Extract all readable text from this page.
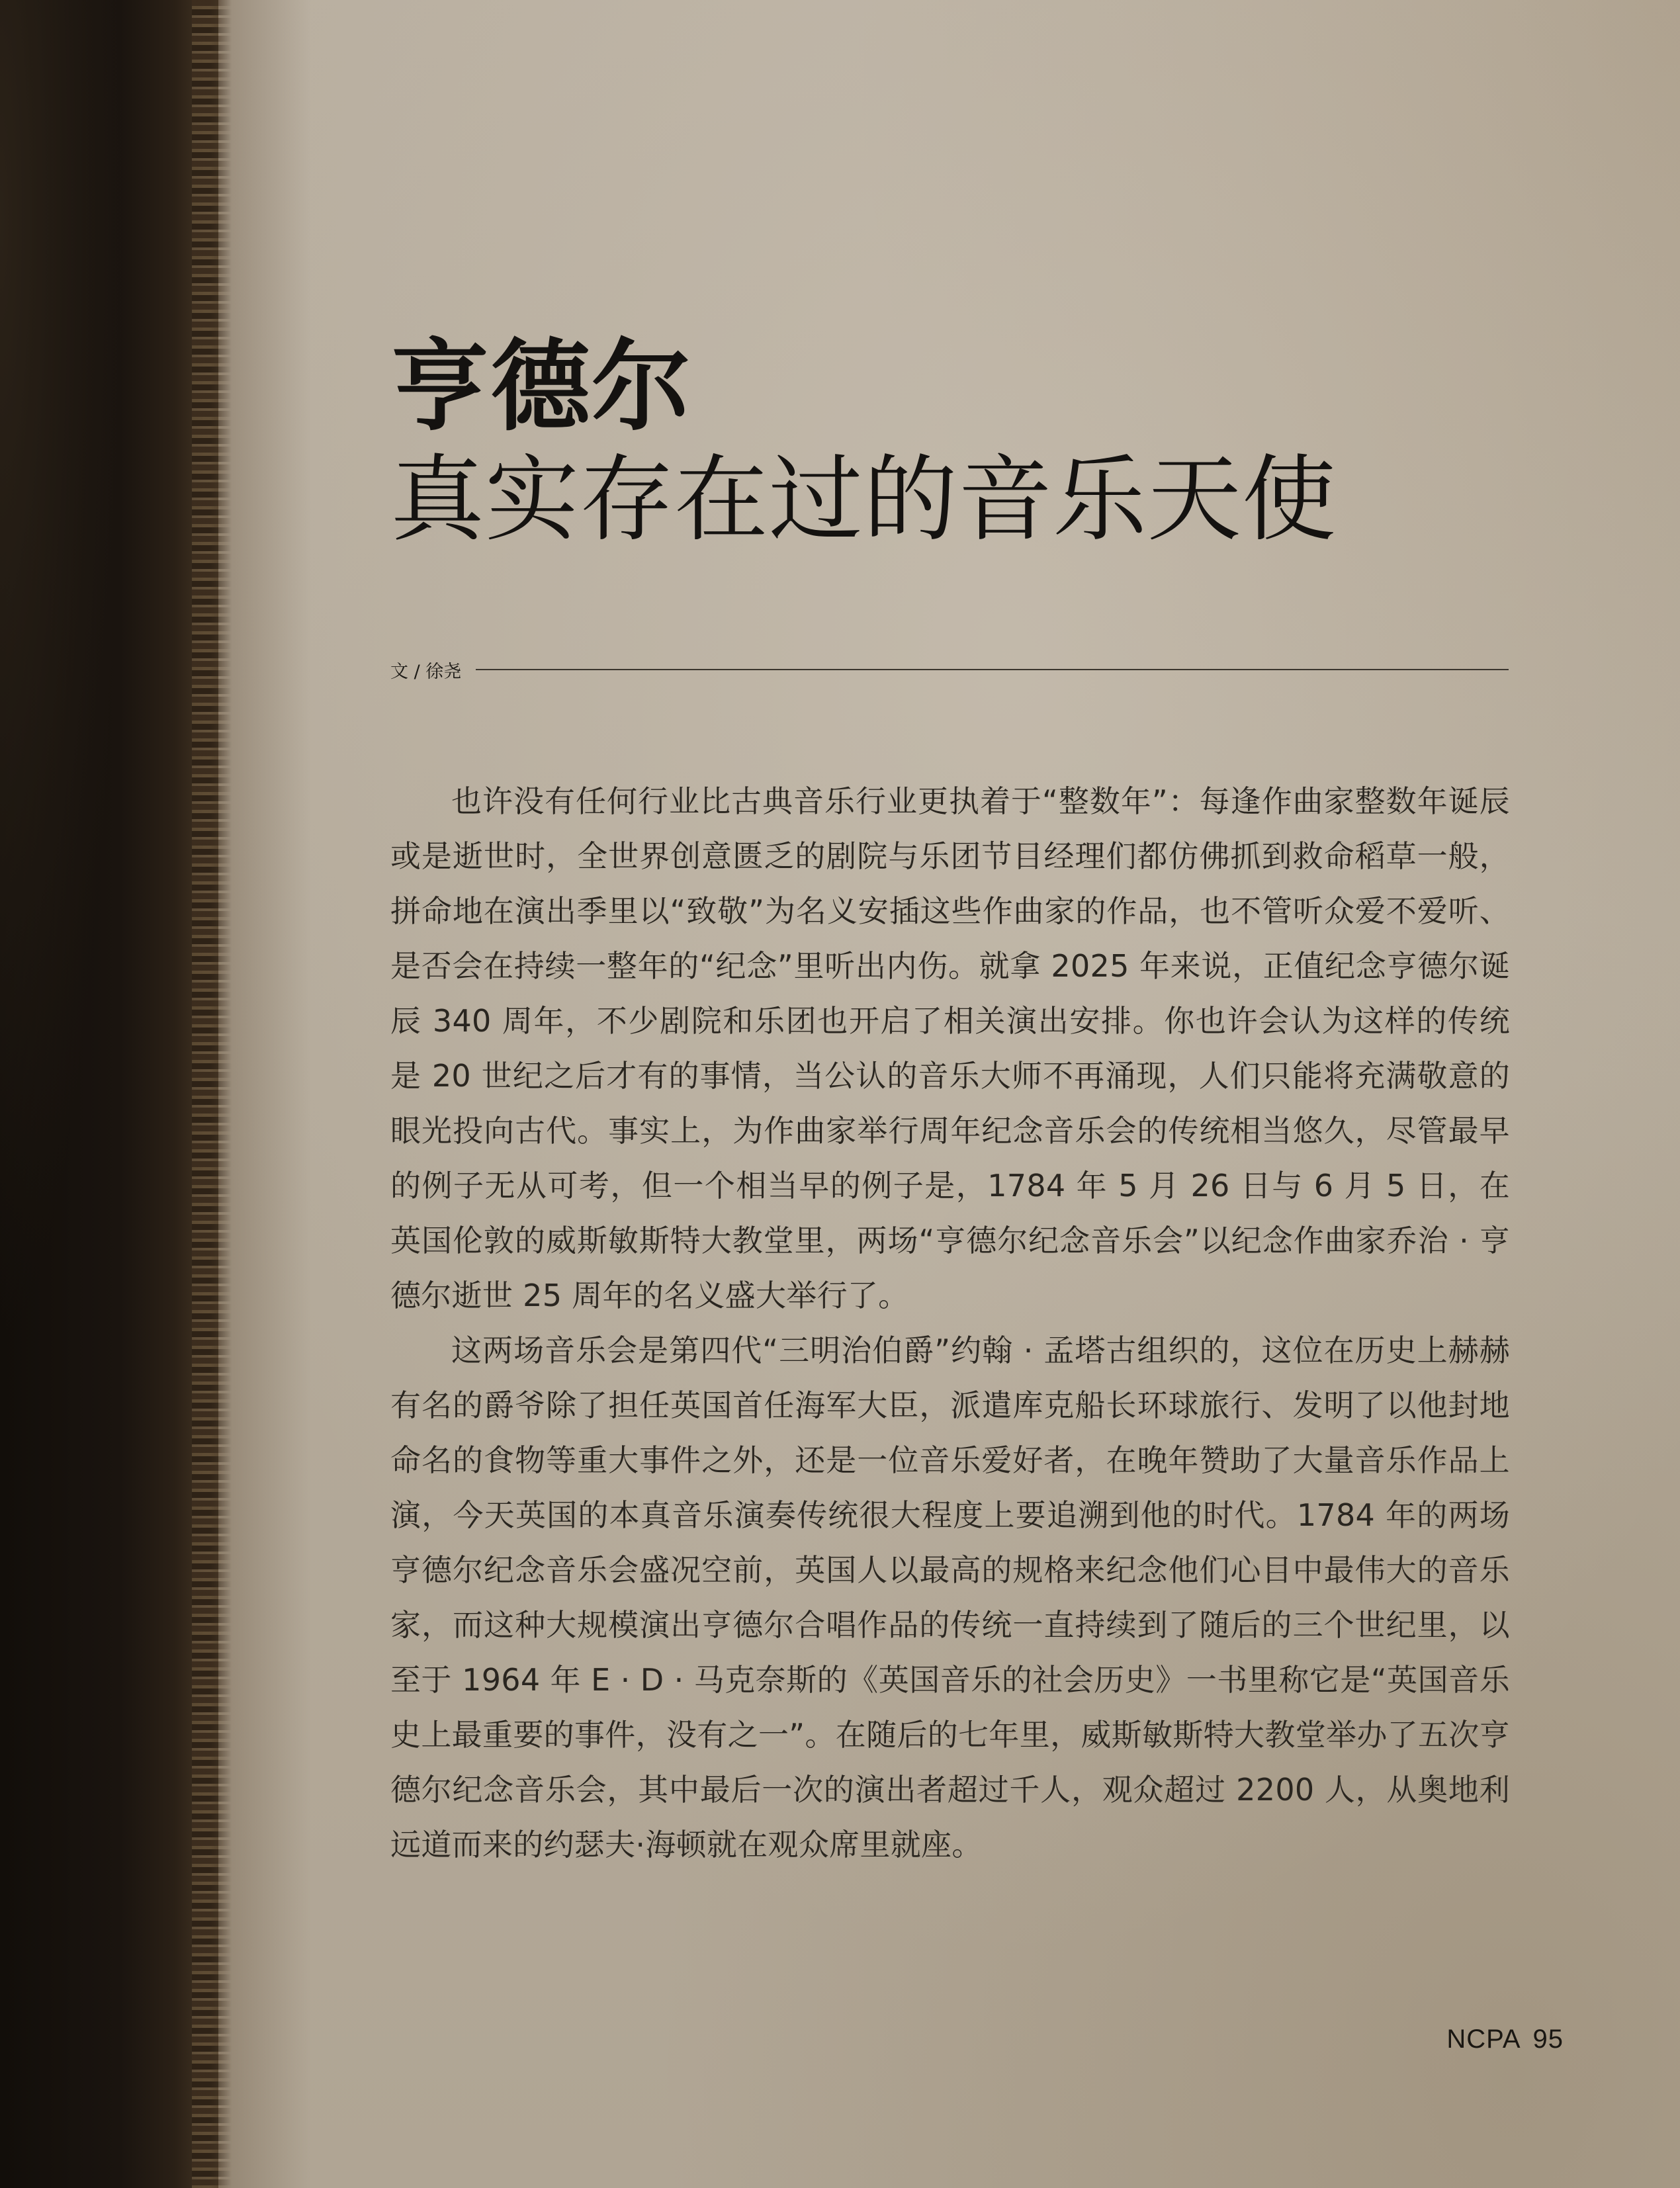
亨德尔
真实存在过的音乐天使
文 / 徐尧

也许没有任何行业比古典音乐行业更执着于“整数年”：每逢作曲家整数年诞辰或是逝世时，全世界创意匮乏的剧院与乐团节目经理们都仿佛抓到救命稻草一般，拼命地在演出季里以“致敬”为名义安插这些作曲家的作品，也不管听众爱不爱听、是否会在持续一整年的“纪念”里听出内伤。就拿 2025 年来说，正值纪念亨德尔诞辰 340 周年，不少剧院和乐团也开启了相关演出安排。你也许会认为这样的传统是 20 世纪之后才有的事情，当公认的音乐大师不再涌现，人们只能将充满敬意的眼光投向古代。事实上，为作曲家举行周年纪念音乐会的传统相当悠久，尽管最早的例子无从可考，但一个相当早的例子是，1784 年 5 月 26 日与 6 月 5 日，在英国伦敦的威斯敏斯特大教堂里，两场“亨德尔纪念音乐会”以纪念作曲家乔治 · 亨德尔逝世 25 周年的名义盛大举行了。

这两场音乐会是第四代“三明治伯爵”约翰 · 孟塔古组织的，这位在历史上赫赫有名的爵爷除了担任英国首任海军大臣，派遣库克船长环球旅行、发明了以他封地命名的食物等重大事件之外，还是一位音乐爱好者，在晚年赞助了大量音乐作品上演，今天英国的本真音乐演奏传统很大程度上要追溯到他的时代。1784 年的两场亨德尔纪念音乐会盛况空前，英国人以最高的规格来纪念他们心目中最伟大的音乐家，而这种大规模演出亨德尔合唱作品的传统一直持续到了随后的三个世纪里，以至于 1964 年 E · D · 马克奈斯的《英国音乐的社会历史》一书里称它是“英国音乐史上最重要的事件，没有之一”。在随后的七年里，威斯敏斯特大教堂举办了五次亨德尔纪念音乐会，其中最后一次的演出者超过千人，观众超过 2200 人，从奥地利远道而来的约瑟夫·海顿就在观众席里就座。

NCPA 95
